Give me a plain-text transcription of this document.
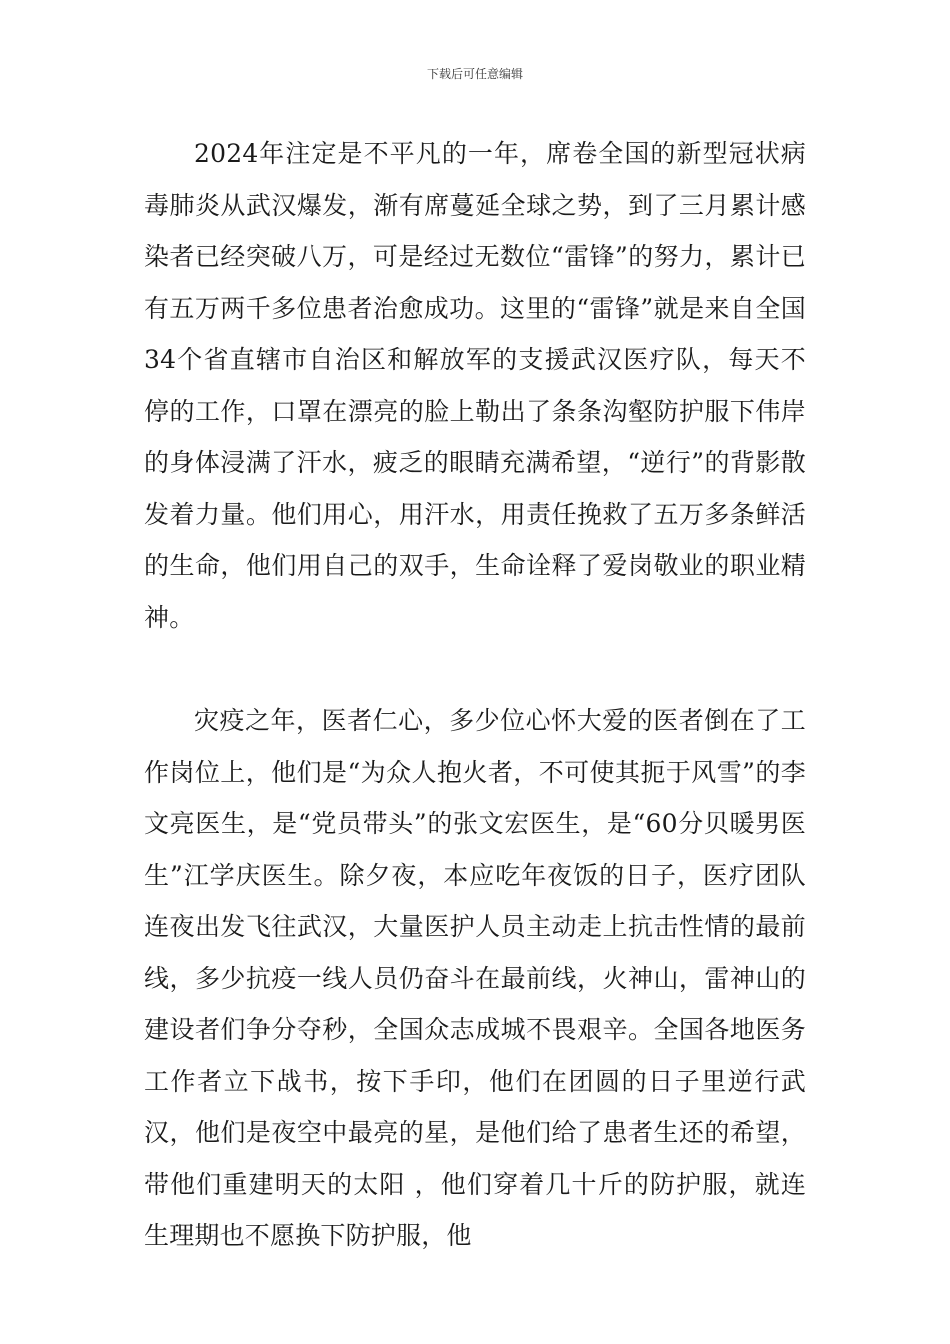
下载后可任意编辑

2024年注定是不平凡的一年，席卷全国的新型冠状病毒肺炎从武汉爆发，渐有席蔓延全球之势，到了三月累计感染者已经突破八万，可是经过无数位“雷锋”的努力，累计已有五万两千多位患者治愈成功。这里的“雷锋”就是来自全国34个省直辖市自治区和解放军的支援武汉医疗队，每天不停的工作，口罩在漂亮的脸上勒出了条条沟壑防护服下伟岸的身体浸满了汗水，疲乏的眼睛充满希望，“逆行”的背影散发着力量。他们用心，用汗水，用责任挽救了五万多条鲜活的生命，他们用自己的双手，生命诠释了爱岗敬业的职业精神。

灾疫之年，医者仁心，多少位心怀大爱的医者倒在了工作岗位上，他们是“为众人抱火者，不可使其扼于风雪”的李文亮医生，是“党员带头”的张文宏医生，是“60分贝暖男医生”江学庆医生。除夕夜，本应吃年夜饭的日子，医疗团队连夜出发飞往武汉，大量医护人员主动走上抗击性情的最前线，多少抗疫一线人员仍奋斗在最前线，火神山，雷神山的建设者们争分夺秒，全国众志成城不畏艰辛。全国各地医务工作者立下战书，按下手印，他们在团圆的日子里逆行武汉，他们是夜空中最亮的星，是他们给了患者生还的希望，带他们重建明天的太阳 ，他们穿着几十斤的防护服，就连生理期也不愿换下防护服，他
